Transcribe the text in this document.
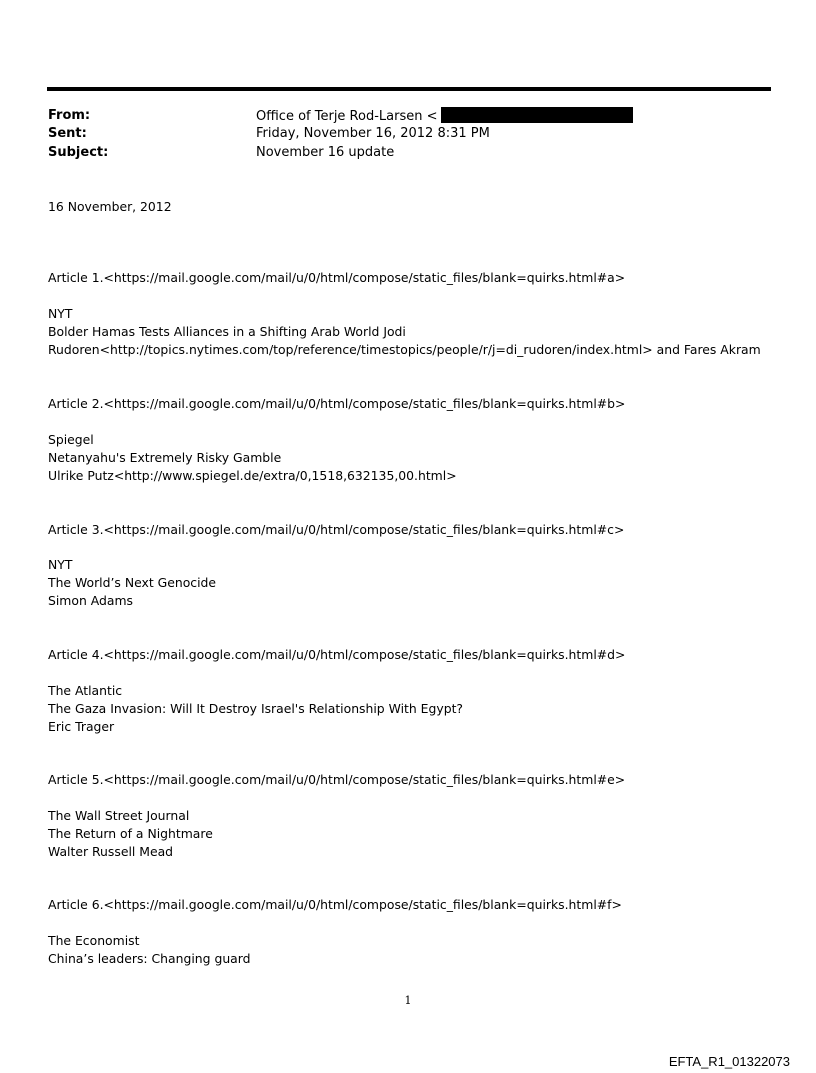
From:	Office of Terje Rod-Larsen <
Sent:	Friday, November 16, 2012 8:31 PM
Subject:	November 16 update
16 November, 2012
Article 1.<https://mail.google.com/mail/u/0/html/compose/static_files/blank=quirks.html#a>
NYT
Bolder Hamas Tests Alliances in a Shifting Arab World Jodi
Rudoren<http://topics.nytimes.com/top/reference/timestopics/people/r/j=di_rudoren/index.html> and Fares Akram
Article 2.<https://mail.google.com/mail/u/0/html/compose/static_files/blank=quirks.html#b>
Spiegel
Netanyahu's Extremely Risky Gamble
Ulrike Putz<http://www.spiegel.de/extra/0,1518,632135,00.html>
Article 3.<https://mail.google.com/mail/u/0/html/compose/static_files/blank=quirks.html#c>
NYT
The World’s Next Genocide
Simon Adams
Article 4.<https://mail.google.com/mail/u/0/html/compose/static_files/blank=quirks.html#d>
The Atlantic
The Gaza Invasion: Will It Destroy Israel's Relationship With Egypt?
Eric Trager
Article 5.<https://mail.google.com/mail/u/0/html/compose/static_files/blank=quirks.html#e>
The Wall Street Journal
The Return of a Nightmare
Walter Russell Mead
Article 6.<https://mail.google.com/mail/u/0/html/compose/static_files/blank=quirks.html#f>
The Economist
China’s leaders: Changing guard
1
EFTA_R1_01322073
